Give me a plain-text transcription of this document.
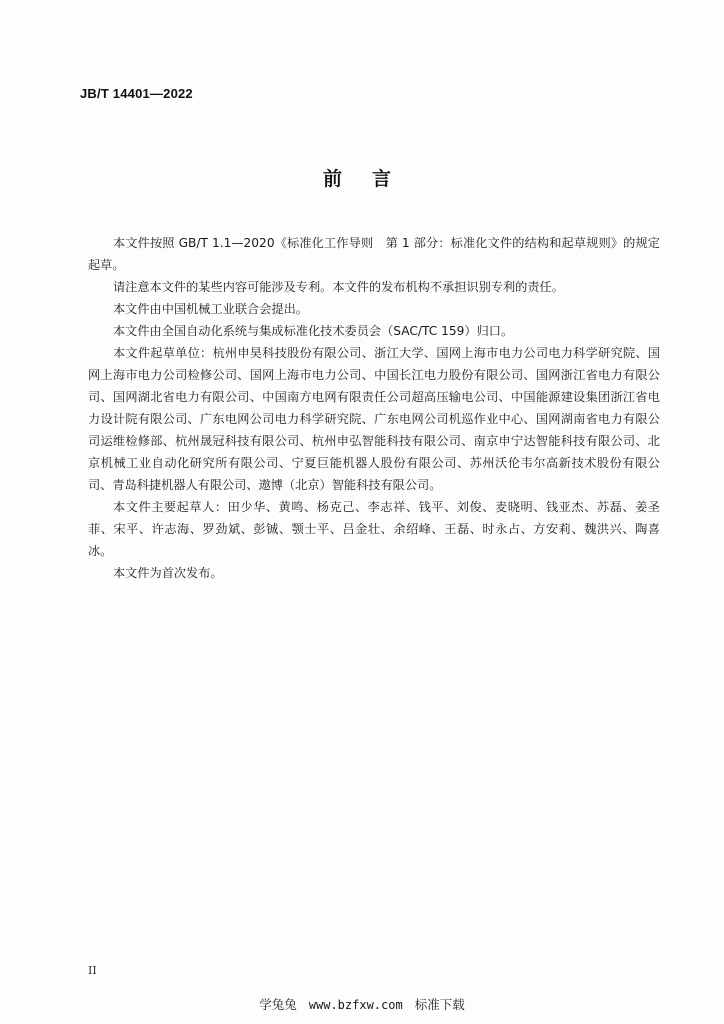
JB/T 14401—2022
前言

本文件按照 GB/T 1.1—2020《标准化工作导则　第 1 部分：标准化文件的结构和起草规则》的规定起草。

请注意本文件的某些内容可能涉及专利。本文件的发布机构不承担识别专利的责任。

本文件由中国机械工业联合会提出。

本文件由全国自动化系统与集成标准化技术委员会（SAC/TC 159）归口。

本文件起草单位：杭州申昊科技股份有限公司、浙江大学、国网上海市电力公司电力科学研究院、国网上海市电力公司检修公司、国网上海市电力公司、中国长江电力股份有限公司、国网浙江省电力有限公司、国网湖北省电力有限公司、中国南方电网有限责任公司超高压输电公司、中国能源建设集团浙江省电力设计院有限公司、广东电网公司电力科学研究院、广东电网公司机巡作业中心、国网湖南省电力有限公司运维检修部、杭州晟冠科技有限公司、杭州申弘智能科技有限公司、南京申宁达智能科技有限公司、北京机械工业自动化研究所有限公司、宁夏巨能机器人股份有限公司、苏州沃伦韦尔高新技术股份有限公司、青岛科捷机器人有限公司、遨博（北京）智能科技有限公司。

本文件主要起草人：田少华、黄鸣、杨克己、李志祥、钱平、刘俊、麦晓明、钱亚杰、苏磊、姜圣菲、宋平、许志海、罗劲斌、彭铖、颚士平、吕金壮、余绍峰、王磊、时永占、方安莉、魏洪兴、陶喜冰。

本文件为首次发布。

II
学兔兔 www.bzfxw.com 标准下载
